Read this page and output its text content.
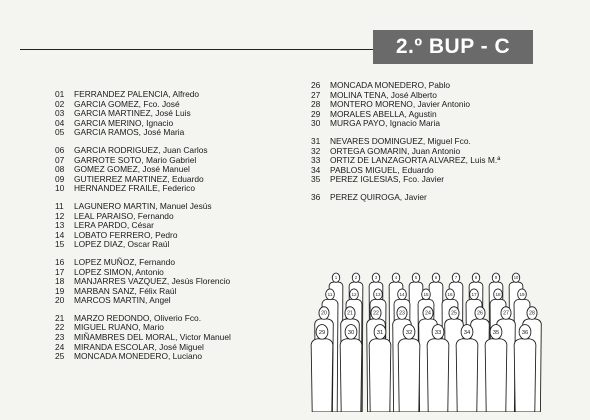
2.º BUP - C
01	FERRANDEZ PALENCIA, Alfredo
02	GARCIA GOMEZ, Fco. José
03	GARCIA MARTINEZ, José Luis
04	GARCIA MERINO, Ignacio
05	GARCIA RAMOS, José Maria
06	GARCIA RODRIGUEZ, Juan Carlos
07	GARROTE SOTO, Mario Gabriel
08	GOMEZ GOMEZ, José Manuel
09	GUTIERREZ MARTINEZ, Eduardo
10	HERNANDEZ FRAILE, Federico
11	LAGUNERO MARTIN, Manuel Jesús
12	LEAL PARAISO, Fernando
13	LERA PARDO, César
14	LOBATO FERRERO, Pedro
15	LOPEZ DIAZ, Oscar Raúl
16	LOPEZ MUÑOZ, Fernando
17	LOPEZ SIMON, Antonio
18	MANJARRES VAZQUEZ, Jesús Florencio
19	MARBAN SANZ, Félix Raúl
20	MARCOS MARTIN, Angel
21	MARZO REDONDO, Oliverio Fco.
22	MIGUEL RUANO, Mario
23	MIÑAMBRES DEL MORAL, Victor Manuel
24	MIRANDA ESCOLAR, José Miguel
25	MONCADA MONEDERO, Luciano
26	MONCADA MONEDERO, Pablo
27	MOLINA TENA, José Alberto
28	MONTERO MORENO, Javier Antonio
29	MORALES ABELLA, Agustin
30	MURGA PAYO, Ignacio Maria
31	NEVARES DOMINGUEZ, Miguel Fco.
32	ORTEGA GOMARIN, Juan Antonio
33	ORTIZ DE LANZAGORTA ALVAREZ, Luis M.ª
34	PABLOS MIGUEL, Eduardo
35	PEREZ IGLESIAS, Fco. Javier
36	PEREZ QUIROGA, Javier
1	2	3	4	5	6	7	8	9	10
11	12	13	14	15	16	17	18	19
20	21	22	23	24	25	26	27	28
29	30	31	32	33	34	35	36
